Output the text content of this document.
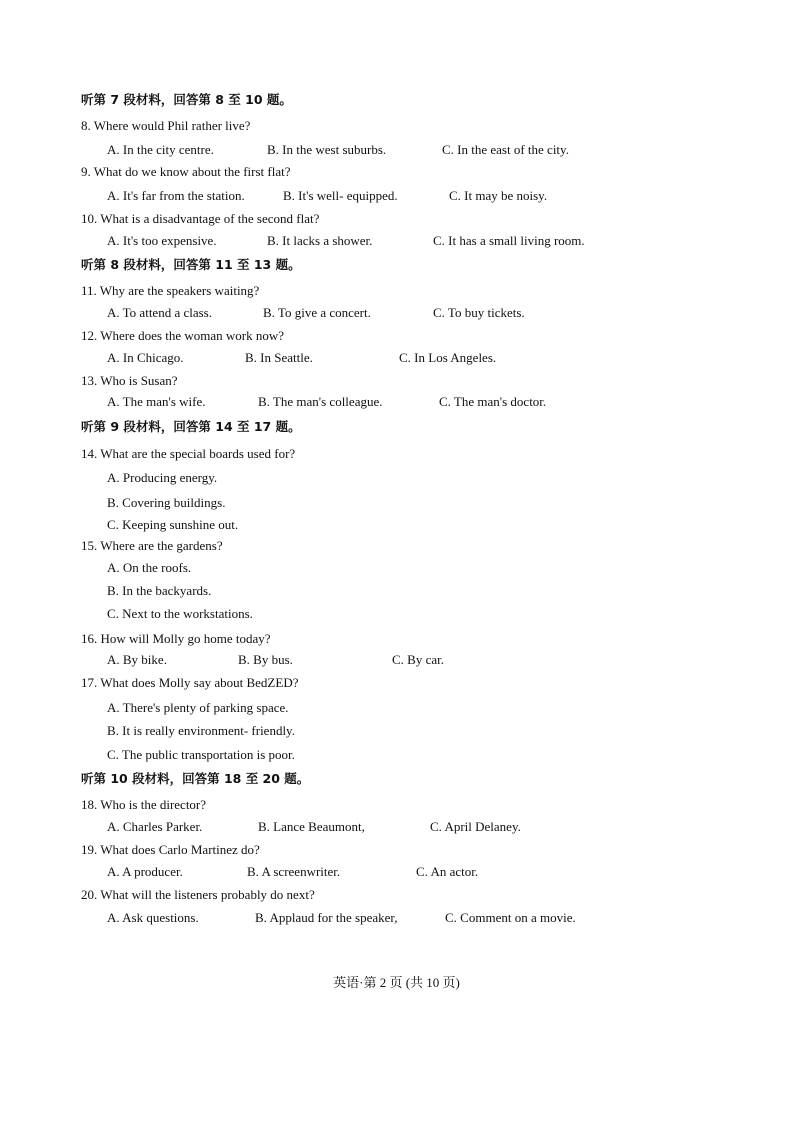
听第 7 段材料，回答第 8 至 10 题。
8. Where would Phil rather live?
A. In the city centre.	B. In the west suburbs.	C. In the east of the city.
9. What do we know about the first flat?
A. It's far from the station.	B. It's well- equipped.	C. It may be noisy.
10. What is a disadvantage of the second flat?
A. It's too expensive.	B. It lacks a shower.	C. It has a small living room.
听第 8 段材料，回答第 11 至 13 题。
11. Why are the speakers waiting?
A. To attend a class.	B. To give a concert.	C. To buy tickets.
12. Where does the woman work now?
A. In Chicago.	B. In Seattle.	C. In Los Angeles.
13. Who is Susan?
A. The man's wife.	B. The man's colleague.	C. The man's doctor.
听第 9 段材料，回答第 14 至 17 题。
14. What are the special boards used for?
A. Producing energy.
B. Covering buildings.
C. Keeping sunshine out.
15. Where are the gardens?
A. On the roofs.
B. In the backyards.
C. Next to the workstations.
16. How will Molly go home today?
A. By bike.	B. By bus.	C. By car.
17. What does Molly say about BedZED?
A. There's plenty of parking space.
B. It is really environment- friendly.
C. The public transportation is poor.
听第 10 段材料，回答第 18 至 20 题。
18. Who is the director?
A. Charles Parker.	B. Lance Beaumont,	C. April Delaney.
19. What does Carlo Martinez do?
A. A producer.	B. A screenwriter.	C. An actor.
20. What will the listeners probably do next?
A. Ask questions.	B. Applaud for the speaker,	C. Comment on a movie.
英语·第 2 页 (共 10 页)
